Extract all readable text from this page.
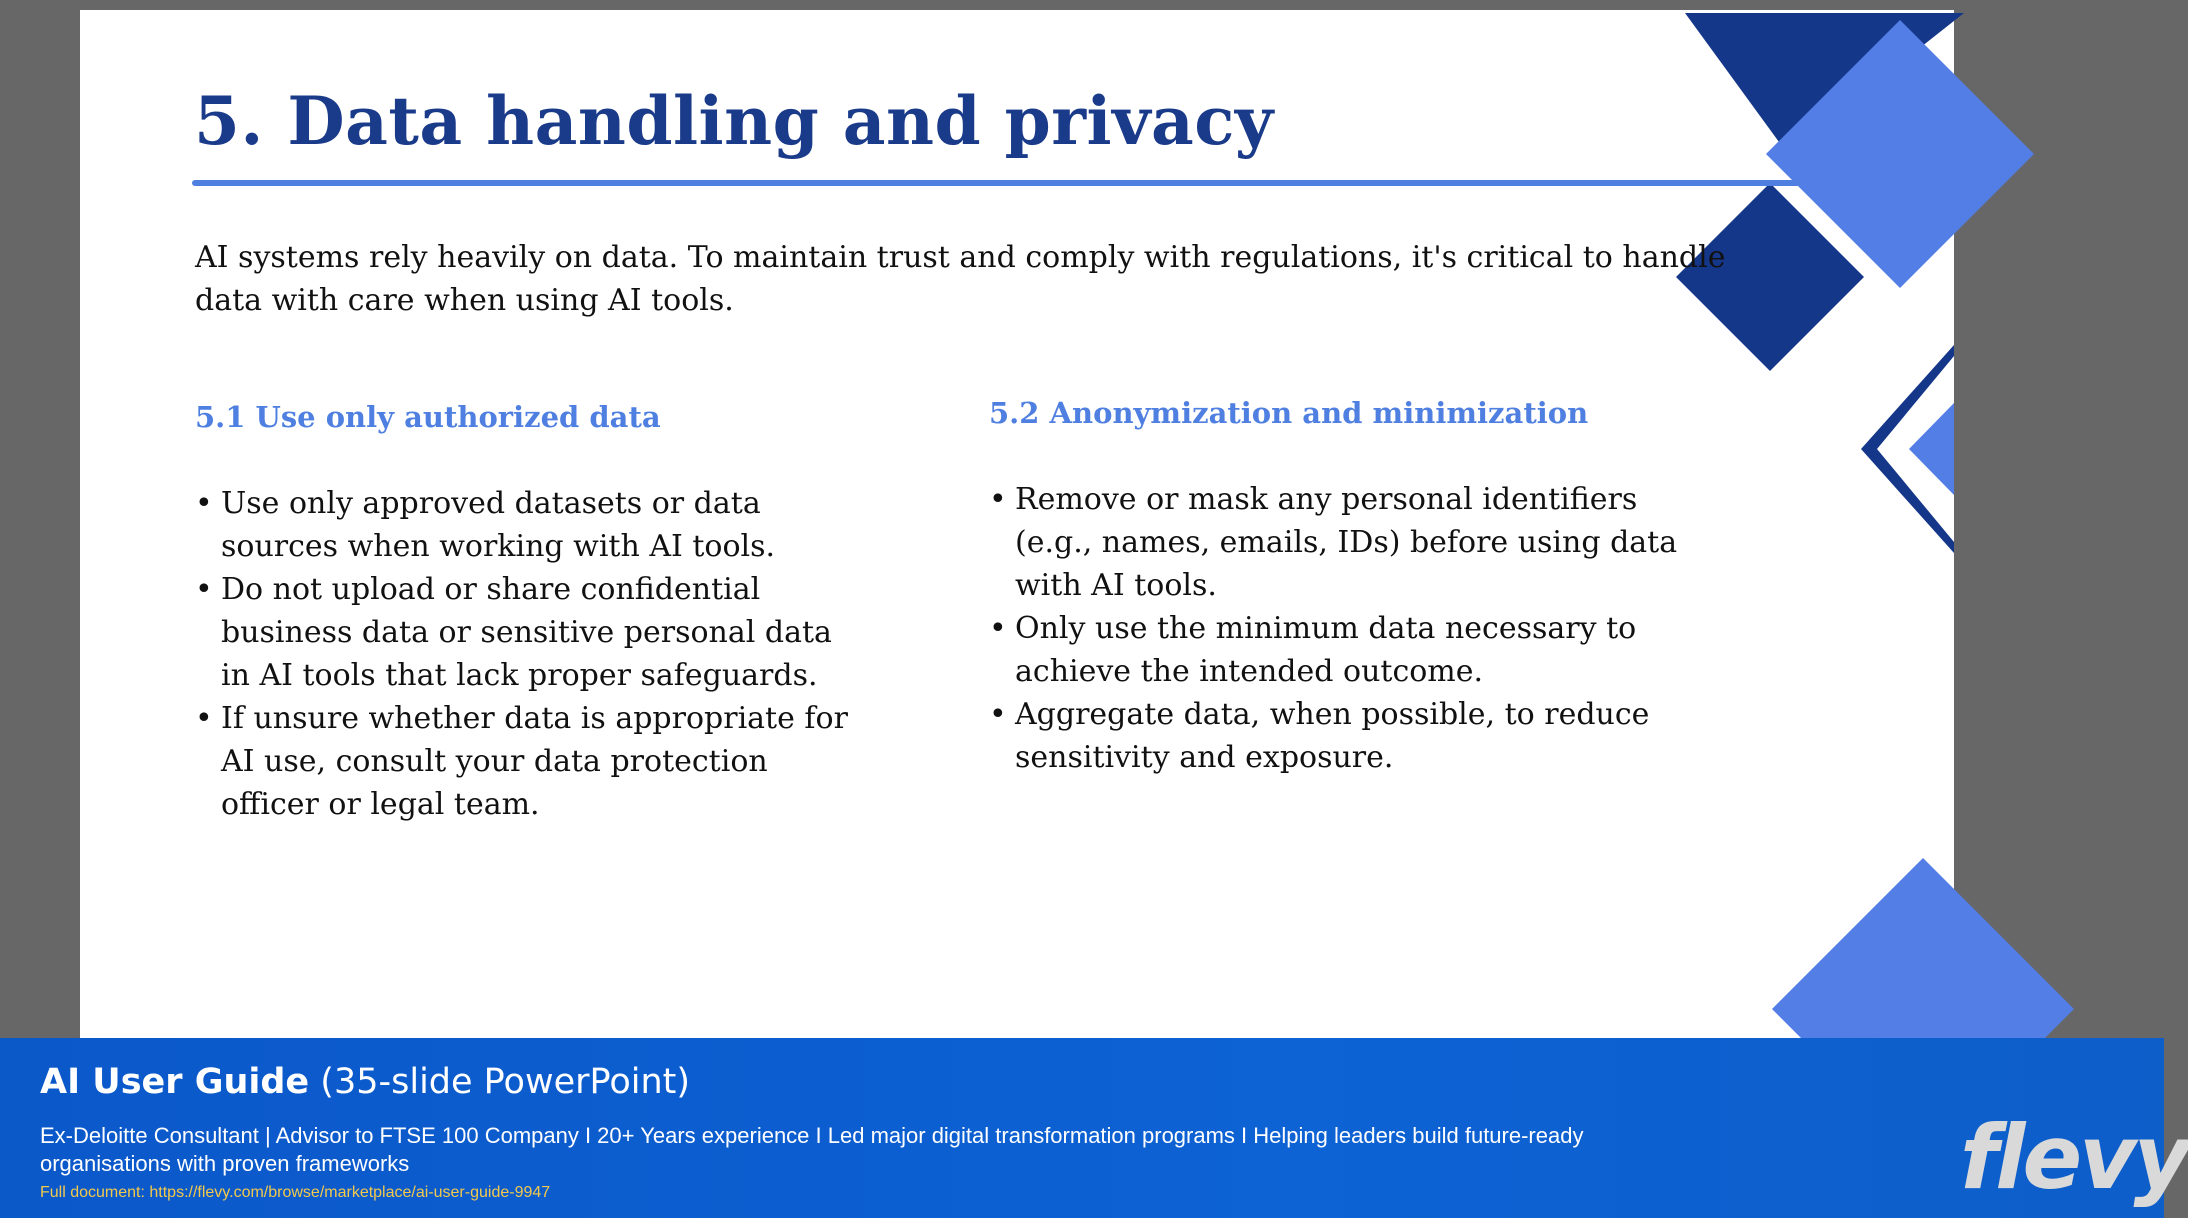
5. Data handling and privacy

AI systems rely heavily on data. To maintain trust and comply with regulations, it's critical to handle data with care when using AI tools.

5.1 Use only authorized data
• Use only approved datasets or data sources when working with AI tools.
• Do not upload or share confidential business data or sensitive personal data in AI tools that lack proper safeguards.
• If unsure whether data is appropriate for AI use, consult your data protection officer or legal team.
5.2 Anonymization and minimization
• Remove or mask any personal identifiers (e.g., names, emails, IDs) before using data with AI tools.
• Only use the minimum data necessary to achieve the intended outcome.
• Aggregate data, when possible, to reduce sensitivity and exposure.
AI User Guide (35-slide PowerPoint)
Ex-Deloitte Consultant | Advisor to FTSE 100 Company I 20+ Years experience I Led major digital transformation programs I Helping leaders build future-ready organisations with proven frameworks
Full document: https://flevy.com/browse/marketplace/ai-user-guide-9947	flevy
